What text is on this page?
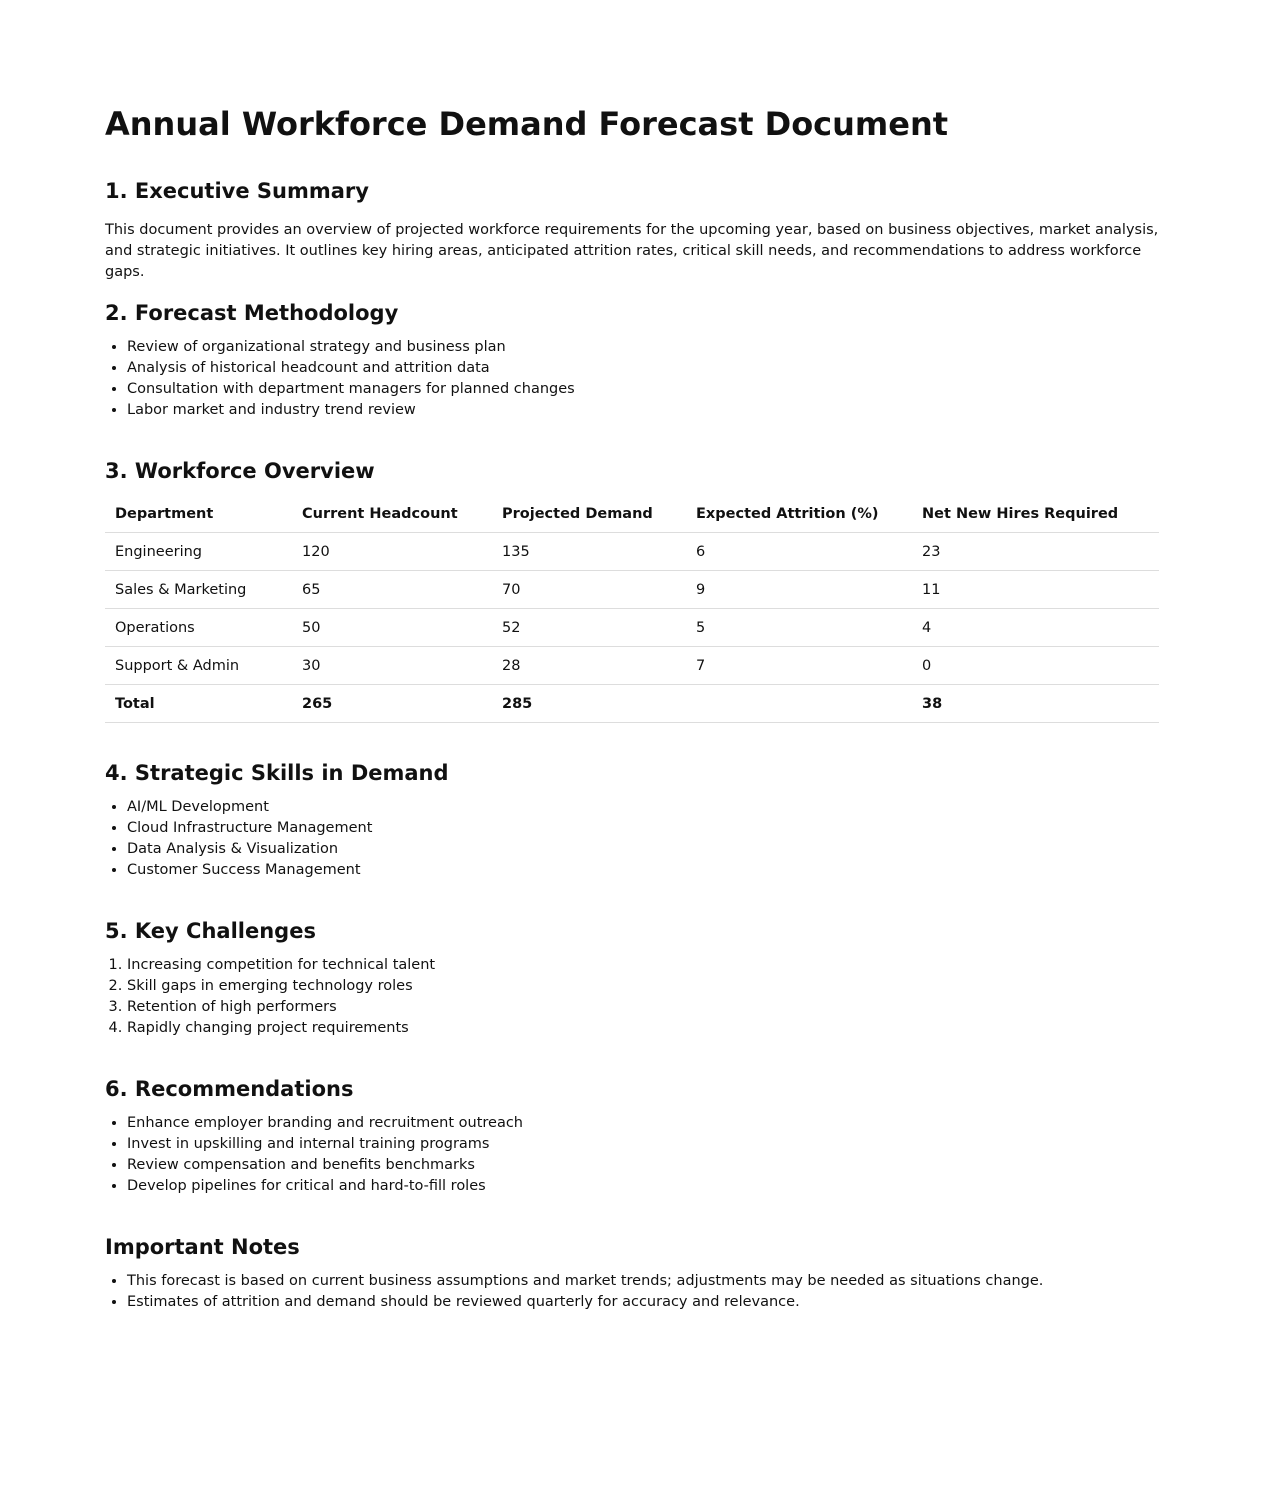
Annual Workforce Demand Forecast Document
1. Executive Summary

This document provides an overview of projected workforce requirements for the upcoming year, based on business objectives, market analysis, and strategic initiatives. It outlines key hiring areas, anticipated attrition rates, critical skill needs, and recommendations to address workforce gaps.

2. Forecast Methodology
• Review of organizational strategy and business plan
• Analysis of historical headcount and attrition data
• Consultation with department managers for planned changes
• Labor market and industry trend review
3. Workforce Overview
Department	Current Headcount	Projected Demand	Expected Attrition (%)	Net New Hires Required
Engineering	120	135	6	23
Sales & Marketing	65	70	9	11
Operations	50	52	5	4
Support & Admin	30	28	7	0
Total	265	285		38
4. Strategic Skills in Demand
• AI/ML Development
• Cloud Infrastructure Management
• Data Analysis & Visualization
• Customer Success Management
5. Key Challenges
1. Increasing competition for technical talent
2. Skill gaps in emerging technology roles
3. Retention of high performers
4. Rapidly changing project requirements
6. Recommendations
• Enhance employer branding and recruitment outreach
• Invest in upskilling and internal training programs
• Review compensation and benefits benchmarks
• Develop pipelines for critical and hard-to-fill roles
Important Notes
• This forecast is based on current business assumptions and market trends; adjustments may be needed as situations change.
• Estimates of attrition and demand should be reviewed quarterly for accuracy and relevance.
